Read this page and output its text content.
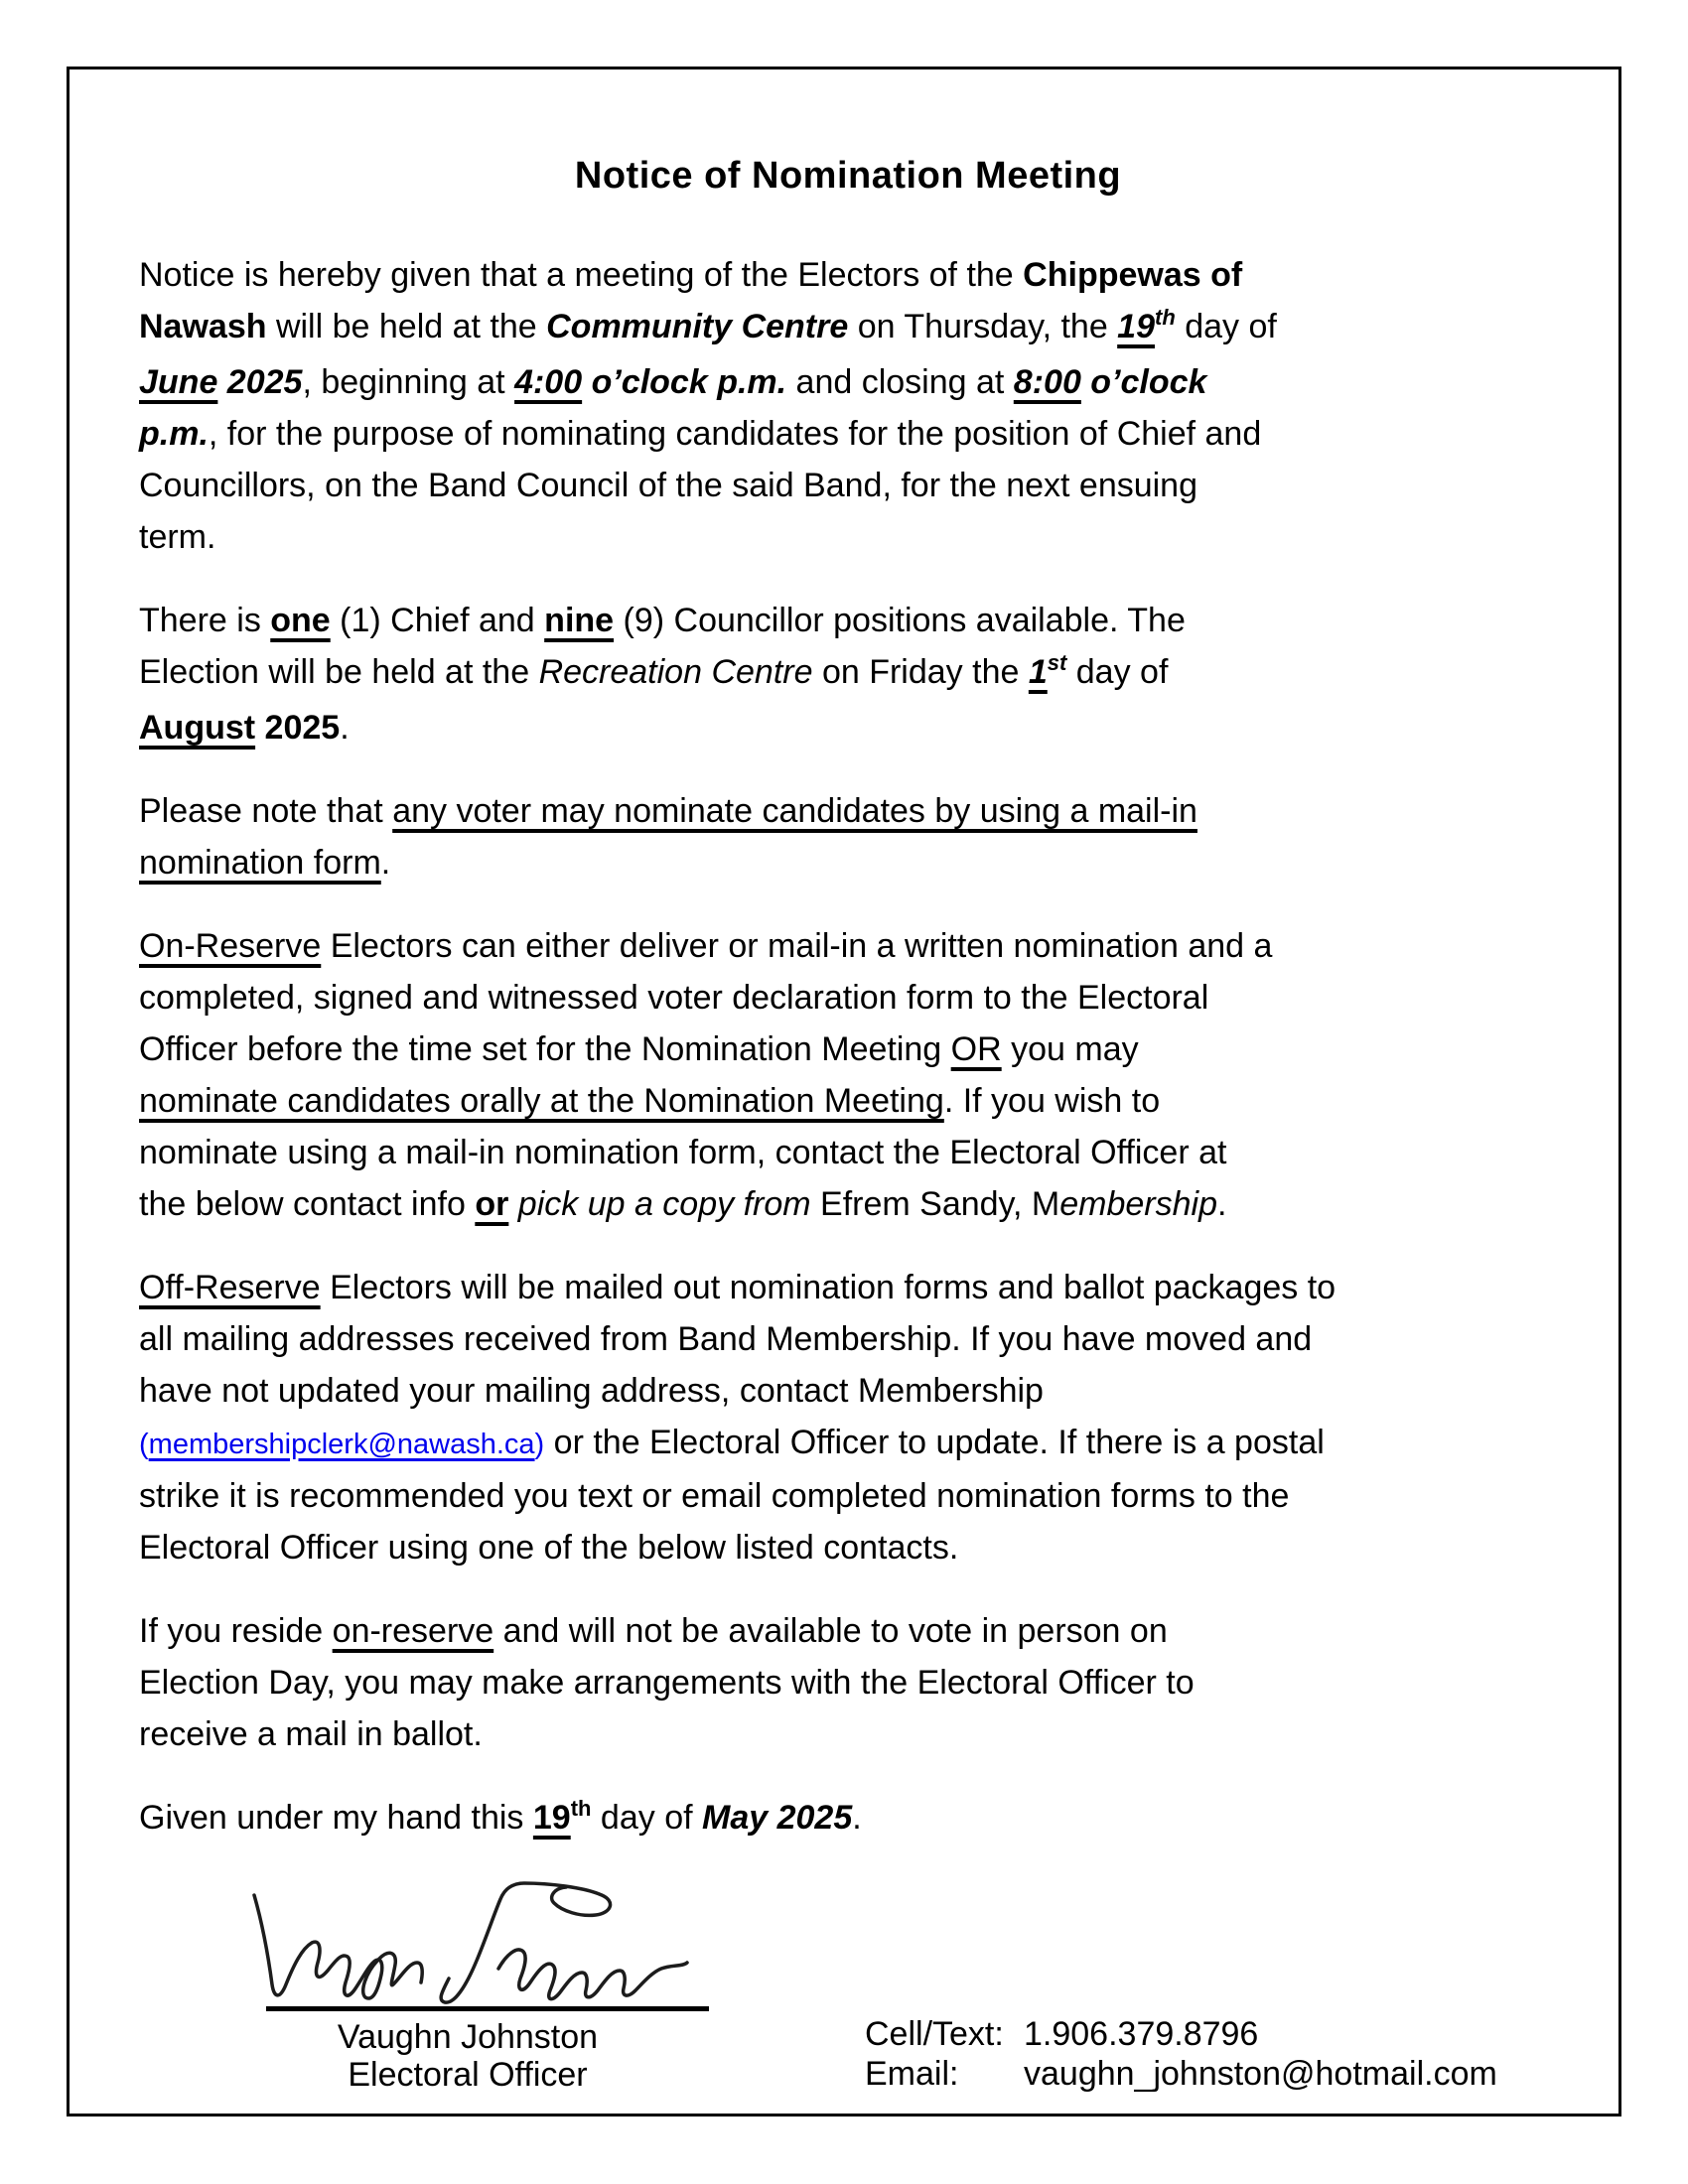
Notice of Nomination Meeting

Notice is hereby given that a meeting of the Electors of the Chippewas of
Nawash will be held at the Community Centre on Thursday, the 19th day of
June 2025, beginning at 4:00 o’clock p.m. and closing at 8:00 o’clock
p.m., for the purpose of nominating candidates for the position of Chief and
Councillors, on the Band Council of the said Band, for the next ensuing
term.

There is one (1) Chief and nine (9) Councillor positions available. The
Election will be held at the Recreation Centre on Friday the 1st day of
August 2025.

Please note that any voter may nominate candidates by using a mail-in
nomination form.

On-Reserve Electors can either deliver or mail-in a written nomination and a
completed, signed and witnessed voter declaration form to the Electoral
Officer before the time set for the Nomination Meeting OR you may
nominate candidates orally at the Nomination Meeting. If you wish to
nominate using a mail-in nomination form, contact the Electoral Officer at
the below contact info or pick up a copy from Efrem Sandy, Membership.

Off-Reserve Electors will be mailed out nomination forms and ballot packages to
all mailing addresses received from Band Membership. If you have moved and
have not updated your mailing address, contact Membership
(membershipclerk@nawash.ca) or the Electoral Officer to update. If there is a postal
strike it is recommended you text or email completed nomination forms to the
Electoral Officer using one of the below listed contacts.

If you reside on-reserve and will not be available to vote in person on
Election Day, you may make arrangements with the Electoral Officer to
receive a mail in ballot.

Given under my hand this 19th day of May 2025.

Vaughn Johnston
Electoral Officer
Cell/Text: 1.906.379.8796
Email: vaughn_johnston@hotmail.com
